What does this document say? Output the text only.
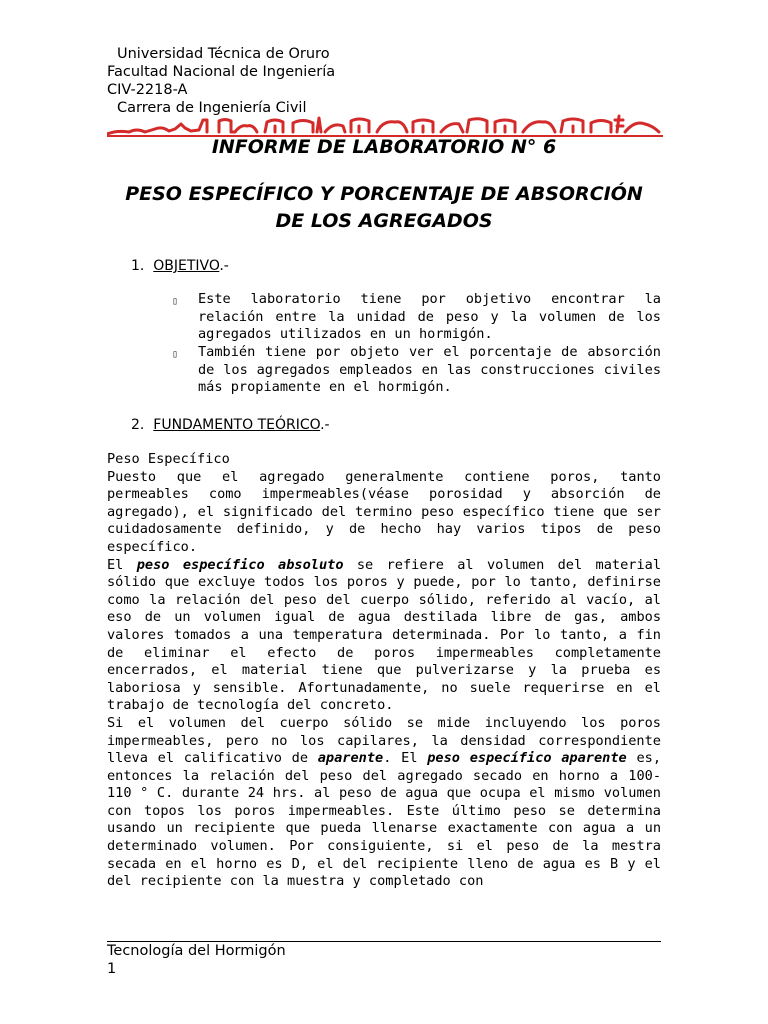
Universidad Técnica de Oruro
Facultad Nacional de Ingeniería
CIV-2218-A
Carrera de Ingeniería Civil
INFORME DE LABORATORIO N° 6
PESO ESPECÍFICO Y PORCENTAJE DE ABSORCIÓN
DE LOS AGREGADOS
1. OBJETIVO.-
▯ Este laboratorio tiene por objetivo encontrar la relación entre la unidad de peso y la volumen de los agregados utilizados en un hormigón.
▯ También tiene por objeto ver el porcentaje de absorción de los agregados empleados en las construcciones civiles más propiamente en el hormigón.
2. FUNDAMENTO TEÓRICO.-
Peso Específico
Puesto que el agregado generalmente contiene poros, tanto permeables como impermeables(véase porosidad y absorción de agregado), el significado del termino peso específico tiene que ser cuidadosamente definido, y de hecho hay varios tipos de peso específico.
El peso específico absoluto se refiere al volumen del material sólido que excluye todos los poros y puede, por lo tanto, definirse como la relación del peso del cuerpo sólido, referido al vacío, al eso de un volumen igual de agua destilada libre de gas, ambos valores tomados a una temperatura determinada. Por lo tanto, a fin de eliminar el efecto de poros impermeables completamente encerrados, el material tiene que pulverizarse y la prueba es laboriosa y sensible. Afortunadamente, no suele requerirse en el trabajo de tecnología del concreto.
Si el volumen del cuerpo sólido se mide incluyendo los poros impermeables, pero no los capilares, la densidad correspondiente lleva el calificativo de aparente. El peso específico aparente es, entonces la relación del peso del agregado secado en horno a 100-110 ° C. durante 24 hrs. al peso de agua que ocupa el mismo volumen con topos los poros impermeables. Este último peso se determina usando un recipiente que pueda llenarse exactamente con agua a un determinado volumen. Por consiguiente, si el peso de la mestra secada en el horno es D, el del recipiente lleno de agua es B y el del recipiente con la muestra y completado con
Tecnología del Hormigón
1
